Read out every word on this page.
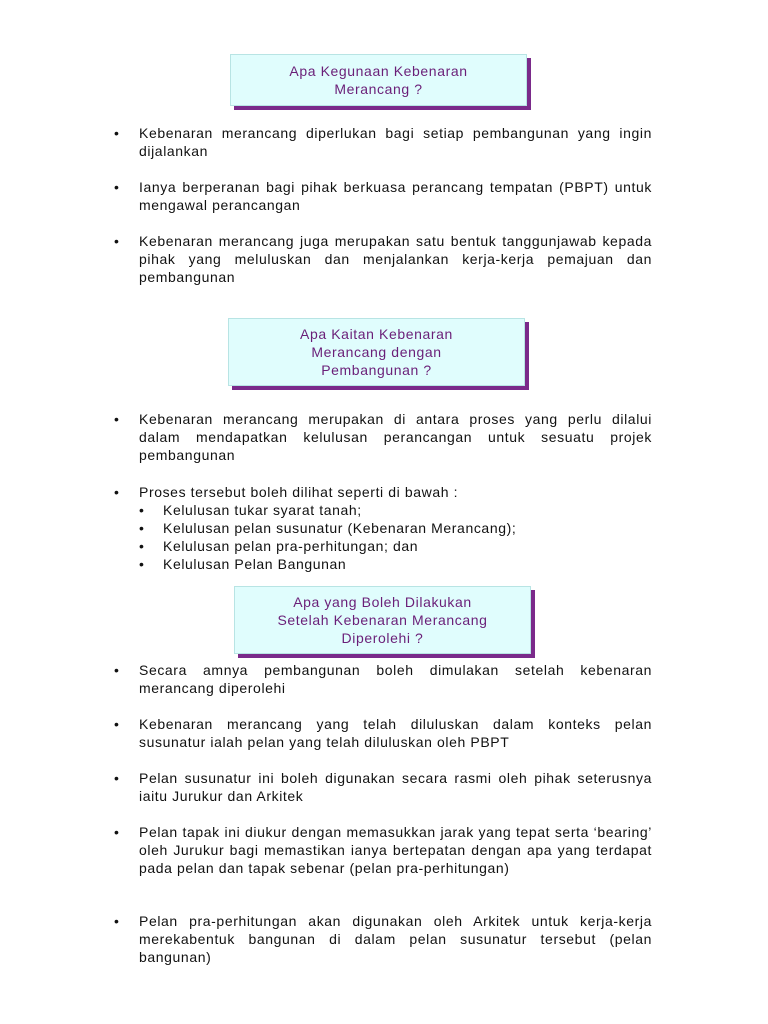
Apa Kegunaan Kebenaran
Merancang ?
• Kebenaran merancang diperlukan bagi setiap pembangunan yang ingin dijalankan
• Ianya berperanan bagi pihak berkuasa perancang tempatan (PBPT) untuk mengawal perancangan
• Kebenaran merancang juga merupakan satu bentuk tanggunjawab kepada pihak yang meluluskan dan menjalankan kerja-kerja pemajuan dan pembangunan
Apa Kaitan Kebenaran
Merancang dengan
Pembangunan ?
• Kebenaran merancang merupakan di antara proses yang perlu dilalui dalam mendapatkan kelulusan perancangan untuk sesuatu projek pembangunan
• Proses tersebut boleh dilihat seperti di bawah :
• Kelulusan tukar syarat tanah;
• Kelulusan pelan susunatur (Kebenaran Merancang);
• Kelulusan pelan pra-perhitungan; dan
• Kelulusan Pelan Bangunan
Apa yang Boleh Dilakukan
Setelah Kebenaran Merancang
Diperolehi ?
• Secara amnya pembangunan boleh dimulakan setelah kebenaran merancang diperolehi
• Kebenaran merancang yang telah diluluskan dalam konteks pelan susunatur ialah pelan yang telah diluluskan oleh PBPT
• Pelan susunatur ini boleh digunakan secara rasmi oleh pihak seterusnya iaitu Jurukur dan Arkitek
• Pelan tapak ini diukur dengan memasukkan jarak yang tepat serta ‘bearing’ oleh Jurukur bagi memastikan ianya bertepatan dengan apa yang terdapat pada pelan dan tapak sebenar (pelan pra-perhitungan)
• Pelan pra-perhitungan akan digunakan oleh Arkitek untuk kerja-kerja merekabentuk bangunan di dalam pelan susunatur tersebut (pelan bangunan)
